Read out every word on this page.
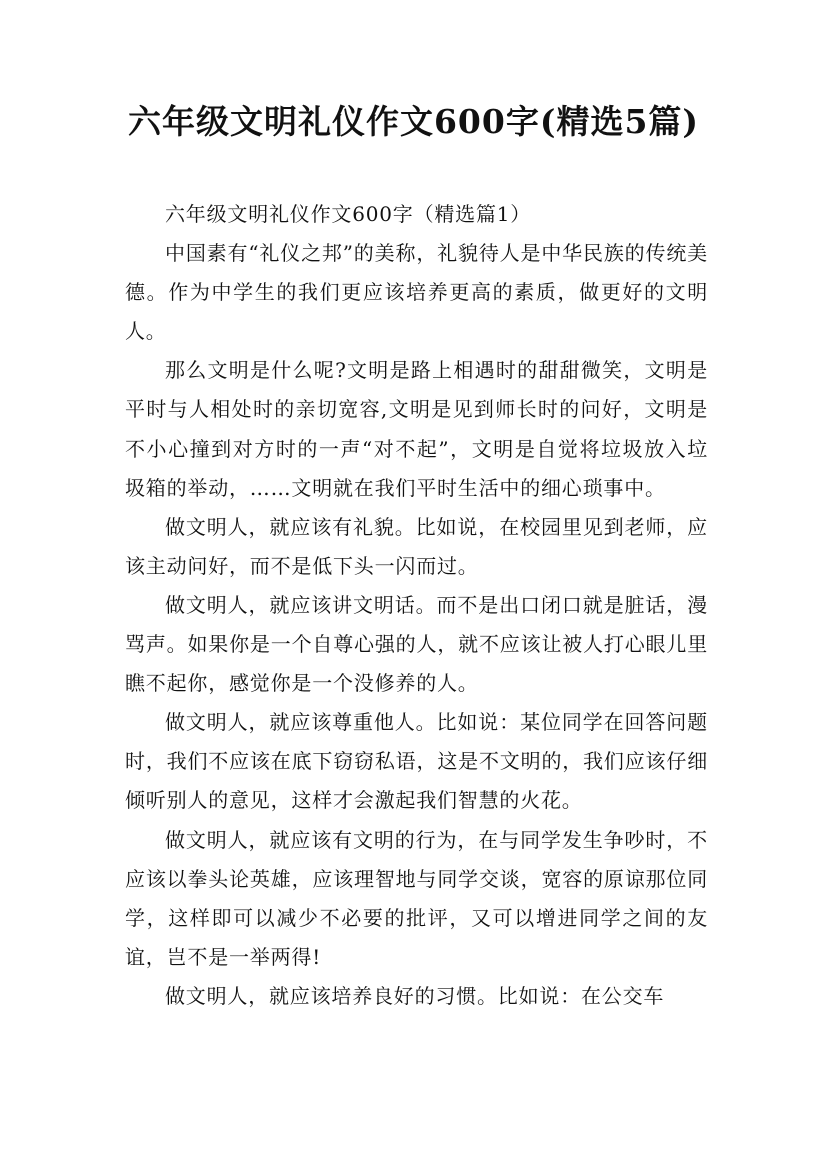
六年级文明礼仪作文600字(精选5篇)

六年级文明礼仪作文600字（精选篇1）

中国素有“礼仪之邦”的美称，礼貌待人是中华民族的传统美德。作为中学生的我们更应该培养更高的素质，做更好的文明人。

那么文明是什么呢?文明是路上相遇时的甜甜微笑，文明是平时与人相处时的亲切宽容,文明是见到师长时的问好，文明是不小心撞到对方时的一声“对不起”，文明是自觉将垃圾放入垃圾箱的举动，……文明就在我们平时生活中的细心琐事中。

做文明人，就应该有礼貌。比如说，在校园里见到老师，应该主动问好，而不是低下头一闪而过。

做文明人，就应该讲文明话。而不是出口闭口就是脏话，漫骂声。如果你是一个自尊心强的人，就不应该让被人打心眼儿里瞧不起你，感觉你是一个没修养的人。

做文明人，就应该尊重他人。比如说：某位同学在回答问题时，我们不应该在底下窃窃私语，这是不文明的，我们应该仔细倾听别人的意见，这样才会激起我们智慧的火花。

做文明人，就应该有文明的行为，在与同学发生争吵时，不应该以拳头论英雄，应该理智地与同学交谈，宽容的原谅那位同学，这样即可以减少不必要的批评，又可以增进同学之间的友谊，岂不是一举两得!

做文明人，就应该培养良好的习惯。比如说：在公交车
